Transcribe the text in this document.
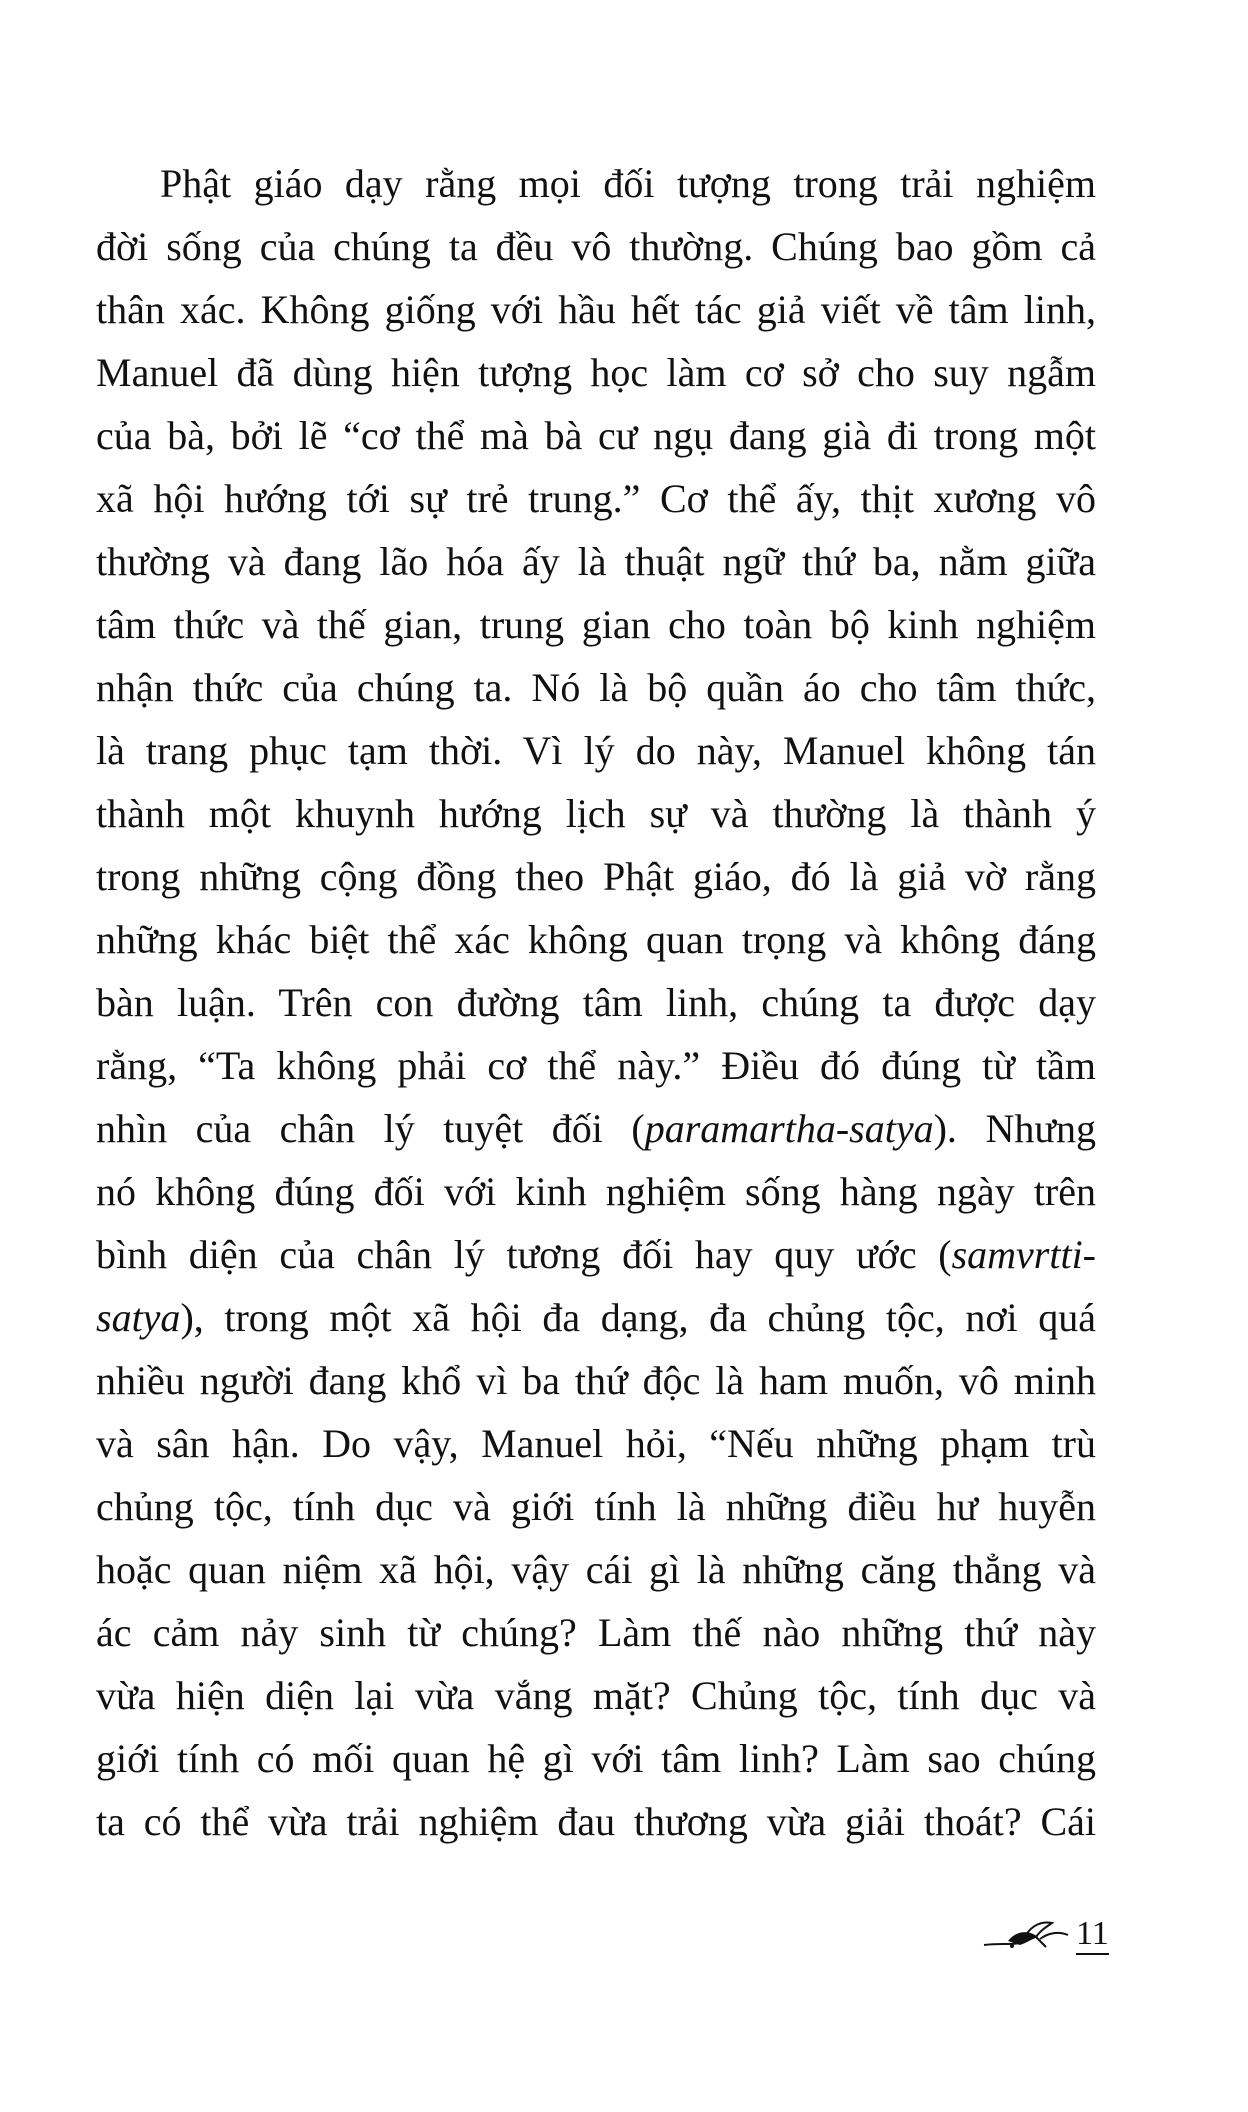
Phật giáo dạy rằng mọi đối tượng trong trải nghiệm
đời sống của chúng ta đều vô thường. Chúng bao gồm cả
thân xác. Không giống với hầu hết tác giả viết về tâm linh,
Manuel đã dùng hiện tượng học làm cơ sở cho suy ngẫm
của bà, bởi lẽ “cơ thể mà bà cư ngụ đang già đi trong một
xã hội hướng tới sự trẻ trung.” Cơ thể ấy, thịt xương vô
thường và đang lão hóa ấy là thuật ngữ thứ ba, nằm giữa
tâm thức và thế gian, trung gian cho toàn bộ kinh nghiệm
nhận thức của chúng ta. Nó là bộ quần áo cho tâm thức,
là trang phục tạm thời. Vì lý do này, Manuel không tán
thành một khuynh hướng lịch sự và thường là thành ý
trong những cộng đồng theo Phật giáo, đó là giả vờ rằng
những khác biệt thể xác không quan trọng và không đáng
bàn luận. Trên con đường tâm linh, chúng ta được dạy
rằng, “Ta không phải cơ thể này.” Điều đó đúng từ tầm
nhìn của chân lý tuyệt đối (paramartha-satya). Nhưng
nó không đúng đối với kinh nghiệm sống hàng ngày trên
bình diện của chân lý tương đối hay quy ước (samvrtti-
satya), trong một xã hội đa dạng, đa chủng tộc, nơi quá
nhiều người đang khổ vì ba thứ độc là ham muốn, vô minh
và sân hận. Do vậy, Manuel hỏi, “Nếu những phạm trù
chủng tộc, tính dục và giới tính là những điều hư huyễn
hoặc quan niệm xã hội, vậy cái gì là những căng thẳng và
ác cảm nảy sinh từ chúng? Làm thế nào những thứ này
vừa hiện diện lại vừa vắng mặt? Chủng tộc, tính dục và
giới tính có mối quan hệ gì với tâm linh? Làm sao chúng
ta có thể vừa trải nghiệm đau thương vừa giải thoát? Cái
11
